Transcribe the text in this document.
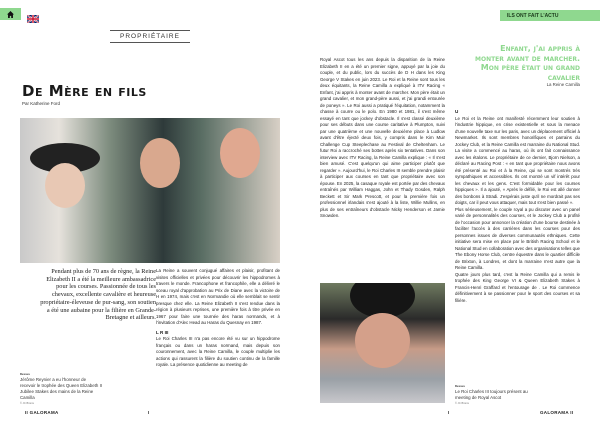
PROPRIÉTAIRE
De Mère en fils
Par Katherine Ford
Pendant plus de 70 ans de règne, la Reine Elizabeth II a été la meilleure ambassadrice pour les courses. Passionnée de tous les chevaux, excellente cavalière et heureuse propriétaire-éleveuse de pur-sang, son soutien a été une aubaine pour la filière en Grande-Bretagne et ailleurs.

La Reine a souvent conjugué affaires et plaisir, profitant de visites officielles et privées pour découvrir les hippodromes à travers le monde. Francophone et francophile, elle a délivré le sceau royal d'approbation au Prix de Diane avec la victoire de H en 1974, mais c'est en Normandie où elle semblait se sentir presque chez elle. La Reine Elizabeth II s'est rendue dans la région à plusieurs reprises, une première fois à titre privée en 1967 pour faire une tournée des haras normands, et à l'invitation d'Alec Head au Haras du Quesnay en 1987.

L R III

Le Roi Charles III n'a pas encore été vu sur un hippodrome français ou dans un haras normand, mais depuis son couronnement, avec la Reine Camilla, le couple multiplie les actions qui rassurent la filière du soutien continu de la famille royale. La présence quotidienne au meeting de

Dessus
Jérôme Reynier a eu l'honneur de recevoir le trophée des Queen Elizabeth II Jubilee Stakes des mains de la Reine Camilla
© JC Briens
II GALORAMA	I
ILS ONT FAIT L'ACTU
Enfant, j'ai appris à monter avant de marcher. Mon père était un grand cavalier
La Reine Camilla

Royal Ascot tous les ans depuis la disparition de la Reine Elizabeth II en a été un premier signe, appuyé par la joie du couple, et du public, lors du succès de D H dans les King George V Stakes en juin 2023. Le Roi et la Reine sont tous les deux équitants, la Reine Camilla a expliqué à ITV Racing « Enfant, j'ai appris à monter avant de marcher. Mon père était un grand cavalier, et mon grand-père aussi, et j'ai grandi entourée de poneys ». Le Roi aussi a pratiqué l'équitation, notamment la chasse à courre ou le polo. En 1980 et 1981, il s'est même essayé en tant que jockey d'obstacle. Il s'est classé deuxième pour ses débuts dans une course caritative à Plumpton, suivi par une quatrième et une nouvelle deuxième place à Ludlow avant d'être éjecté deux fois, y compris dans le Kim Muir Challenge Cup Steeplechase au Festival de Cheltenham. Le futur Roi a raccroché ses bottes après six tentatives. Dans son interview avec ITV Racing, la Reine Camilla explique : « Il s'est bien amusé. C'est quelqu'un qui aime participer plutôt que regarder ». Aujourd'hui, le Roi Charles III semble prendre plaisir à participer aux courses en tant que propriétaire avec son épouse. En 2025, la casaque royale est portée par des chevaux entraînés par William Haggas, John et Thady Gosden, Ralph Beckett et Sir Mark Prescott, et pour la première fois un professionnel irlandais s'est ajouté à la liste, Willie Mullins, en plus de ses entraîneurs d'obstacle Nicky Henderson et Jamie Snowden.

U

Le Roi et la Reine ont manifesté récemment leur soutien à l'industrie hippique, en crise existentielle et sous la menace d'une nouvelle taxe sur les paris, avec un déplacement officiel à Newmarket. Ils sont membres honorifiques et parrains du Jockey Club, et la Reine Camilla est marraine du National Stud. La visite a commencé au haras, où ils ont fait connaissance avec les étalons. Le propriétaire de ce dernier, Bjorn Nielson, a déclaré au Racing Post : « en tant que propriétaire nous avons été présenté au Roi et à la Reine, qui se sont montrés très sympathiques et accessibles. Ils ont montré un vif intérêt pour les chevaux et les gens. C'est formidable pour les courses hippiques ». Il a ajouté, « Après le défilé, le Roi est allé donner des bonbons à Stradi. J'espérais juste qu'il ne mordrait pas ses doigts, car il peut vous attaquer, mais tout s'est bien passé ».

Plus sérieusement, le couple royal a pu discuter avec un panel varié de personnalités des courses, et le Jockey Club a profité de l'occasion pour annoncer la création d'une bourse destinée à faciliter l'accès à des carrières dans les courses pour des personnes issues de diverses communautés ethniques. Cette initiative sera mise en place par le British Racing School et le National Stud en collaboration avec des organisations telles que The Ebony Horse Club, centre équestre dans le quartier difficile de Brixton, à Londres, et dont la marraine n'est autre que la Reine Camilla.

Quatre jours plus tard, c'est la Reine Camilla qui a remis le trophée des King George VI & Queen Elizabeth Stakes à Francis-Henri Graffard et l'entourage de . Le Roi commence définitivement à se passionner pour le sport des courses et sa filière.

Dessus
Le Roi Charles III toujours présent au meeting de Royal Ascot
© JC Briens
I	GALORAMA II
